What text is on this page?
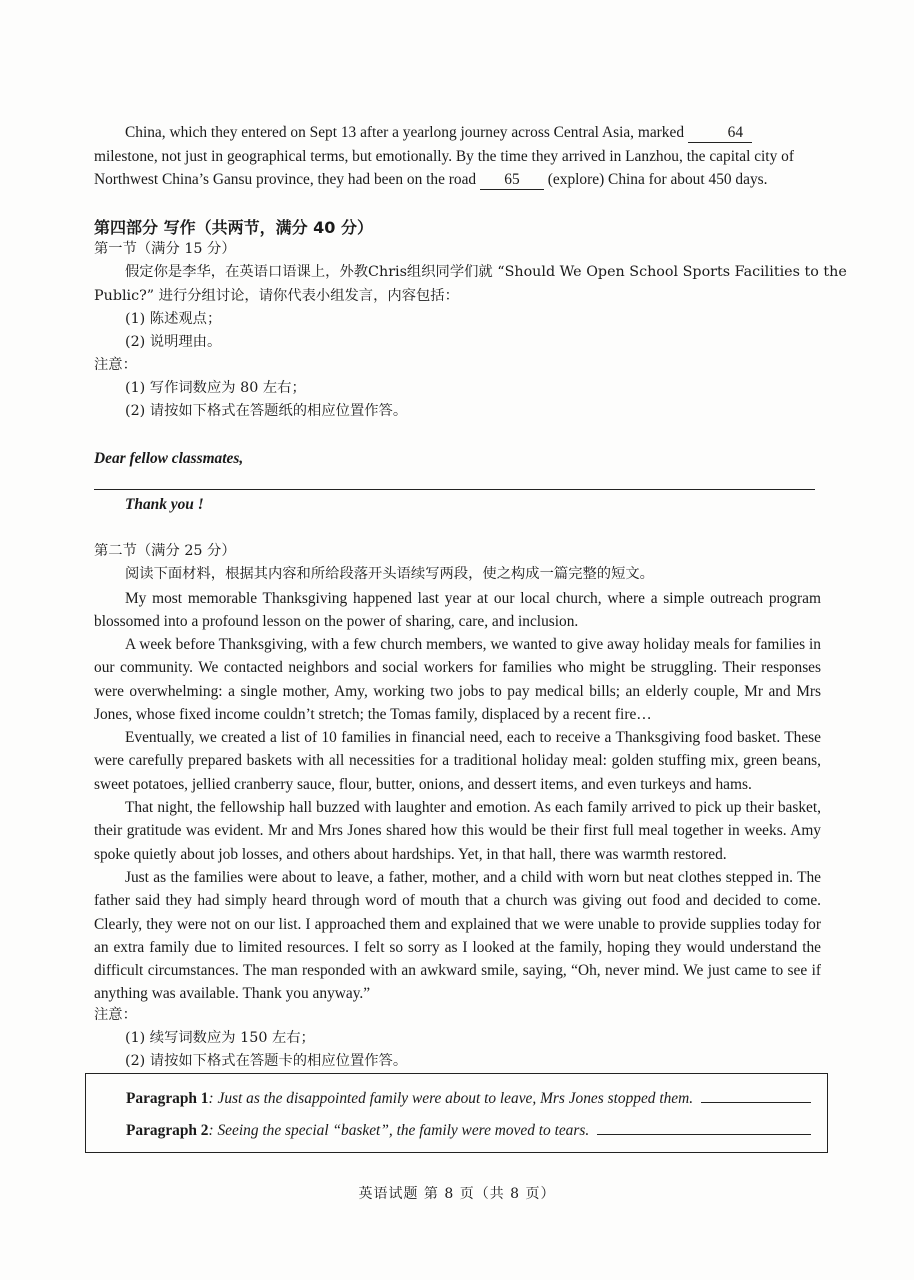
China, which they entered on Sept 13 after a yearlong journey across Central Asia, marked	64

milestone, not just in geographical terms, but emotionally. By the time they arrived in Lanzhou, the capital city of

Northwest China’s Gansu province, they had been on the road 65 (explore) China for about 450 days.

第四部分 写作（共两节，满分 40 分）
第一节（满分 15 分）
假定你是李华，在英语口语课上，外教Chris组织同学们就 “Should We Open School Sports Facilities to the
Public?” 进行分组讨论，请你代表小组发言，内容包括：
(1) 陈述观点；
(2) 说明理由。
注意：
(1) 写作词数应为 80 左右；
(2) 请按如下格式在答题纸的相应位置作答。
Dear fellow classmates,
Thank you !
第二节（满分 25 分）
阅读下面材料，根据其内容和所给段落开头语续写两段，使之构成一篇完整的短文。

My most memorable Thanksgiving happened last year at our local church, where a simple outreach program blossomed into a profound lesson on the power of sharing, care, and inclusion.

A week before Thanksgiving, with a few church members, we wanted to give away holiday meals for families in our community. We contacted neighbors and social workers for families who might be struggling. Their responses were overwhelming: a single mother, Amy, working two jobs to pay medical bills; an elderly couple, Mr and Mrs Jones, whose fixed income couldn’t stretch; the Tomas family, displaced by a recent fire…

Eventually, we created a list of 10 families in financial need, each to receive a Thanksgiving food basket. These were carefully prepared baskets with all necessities for a traditional holiday meal: golden stuffing mix, green beans, sweet potatoes, jellied cranberry sauce, flour, butter, onions, and dessert items, and even turkeys and hams.

That night, the fellowship hall buzzed with laughter and emotion. As each family arrived to pick up their basket, their gratitude was evident. Mr and Mrs Jones shared how this would be their first full meal together in weeks. Amy spoke quietly about job losses, and others about hardships. Yet, in that hall, there was warmth restored.

Just as the families were about to leave, a father, mother, and a child with worn but neat clothes stepped in. The father said they had simply heard through word of mouth that a church was giving out food and decided to come. Clearly, they were not on our list. I approached them and explained that we were unable to provide supplies today for an extra family due to limited resources. I felt so sorry as I looked at the family, hoping they would understand the difficult circumstances. The man responded with an awkward smile, saying, “Oh, never mind. We just came to see if anything was available. Thank you anyway.”

注意：
(1) 续写词数应为 150 左右；
(2) 请按如下格式在答题卡的相应位置作答。
Paragraph 1: Just as the disappointed family were about to leave, Mrs Jones stopped them.
Paragraph 2: Seeing the special “basket”, the family were moved to tears.
英语试题 第 8 页（共 8 页）
